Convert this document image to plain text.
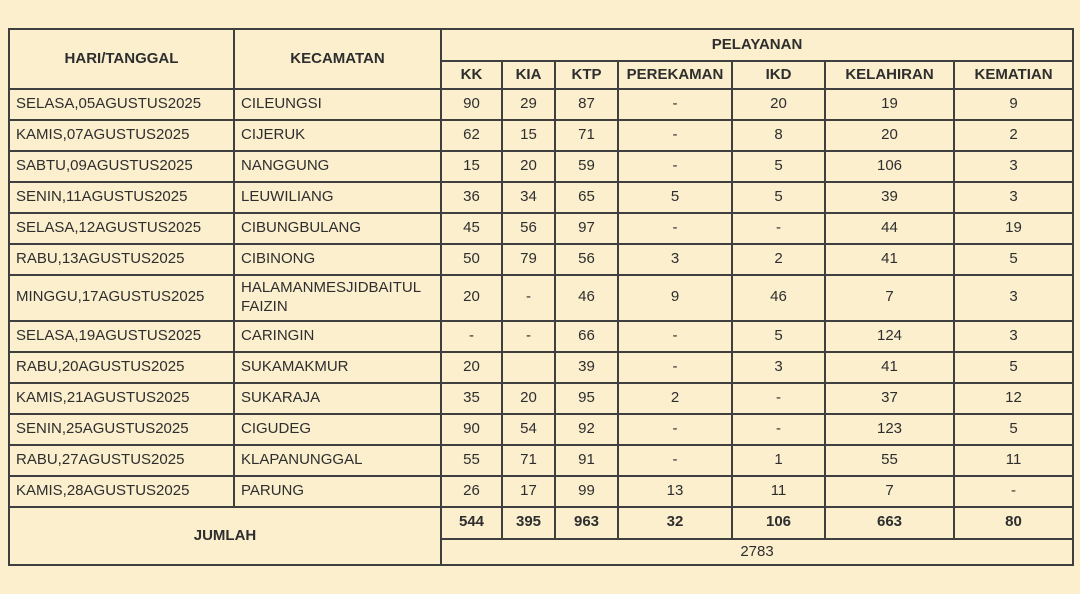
HARI/TANGGAL	KECAMATAN	PELAYANAN						
		KK	KIA	KTP	PEREKAMAN	IKD	KELAHIRAN	KEMATIAN
SELASA,05AGUSTUS2025	CILEUNGSI	90	29	87	-	20	19	9
KAMIS,07AGUSTUS2025	CIJERUK	62	15	71	-	8	20	2
SABTU,09AGUSTUS2025	NANGGUNG	15	20	59	-	5	106	3
SENIN,11AGUSTUS2025	LEUWILIANG	36	34	65	5	5	39	3
SELASA,12AGUSTUS2025	CIBUNGBULANG	45	56	97	-	-	44	19
RABU,13AGUSTUS2025	CIBINONG	50	79	56	3	2	41	5
MINGGU,17AGUSTUS2025	HALAMANMESJIDBAITUL FAIZIN	20	-	46	9	46	7	3
SELASA,19AGUSTUS2025	CARINGIN	-	-	66	-	5	124	3
RABU,20AGUSTUS2025	SUKAMAKMUR	20		39	-	3	41	5
KAMIS,21AGUSTUS2025	SUKARAJA	35	20	95	2	-	37	12
SENIN,25AGUSTUS2025	CIGUDEG	90	54	92	-	-	123	5
RABU,27AGUSTUS2025	KLAPANUNGGAL	55	71	91	-	1	55	11
KAMIS,28AGUSTUS2025	PARUNG	26	17	99	13	11	7	-
JUMLAH		544	395	963	32	106	663	80
		2783						
